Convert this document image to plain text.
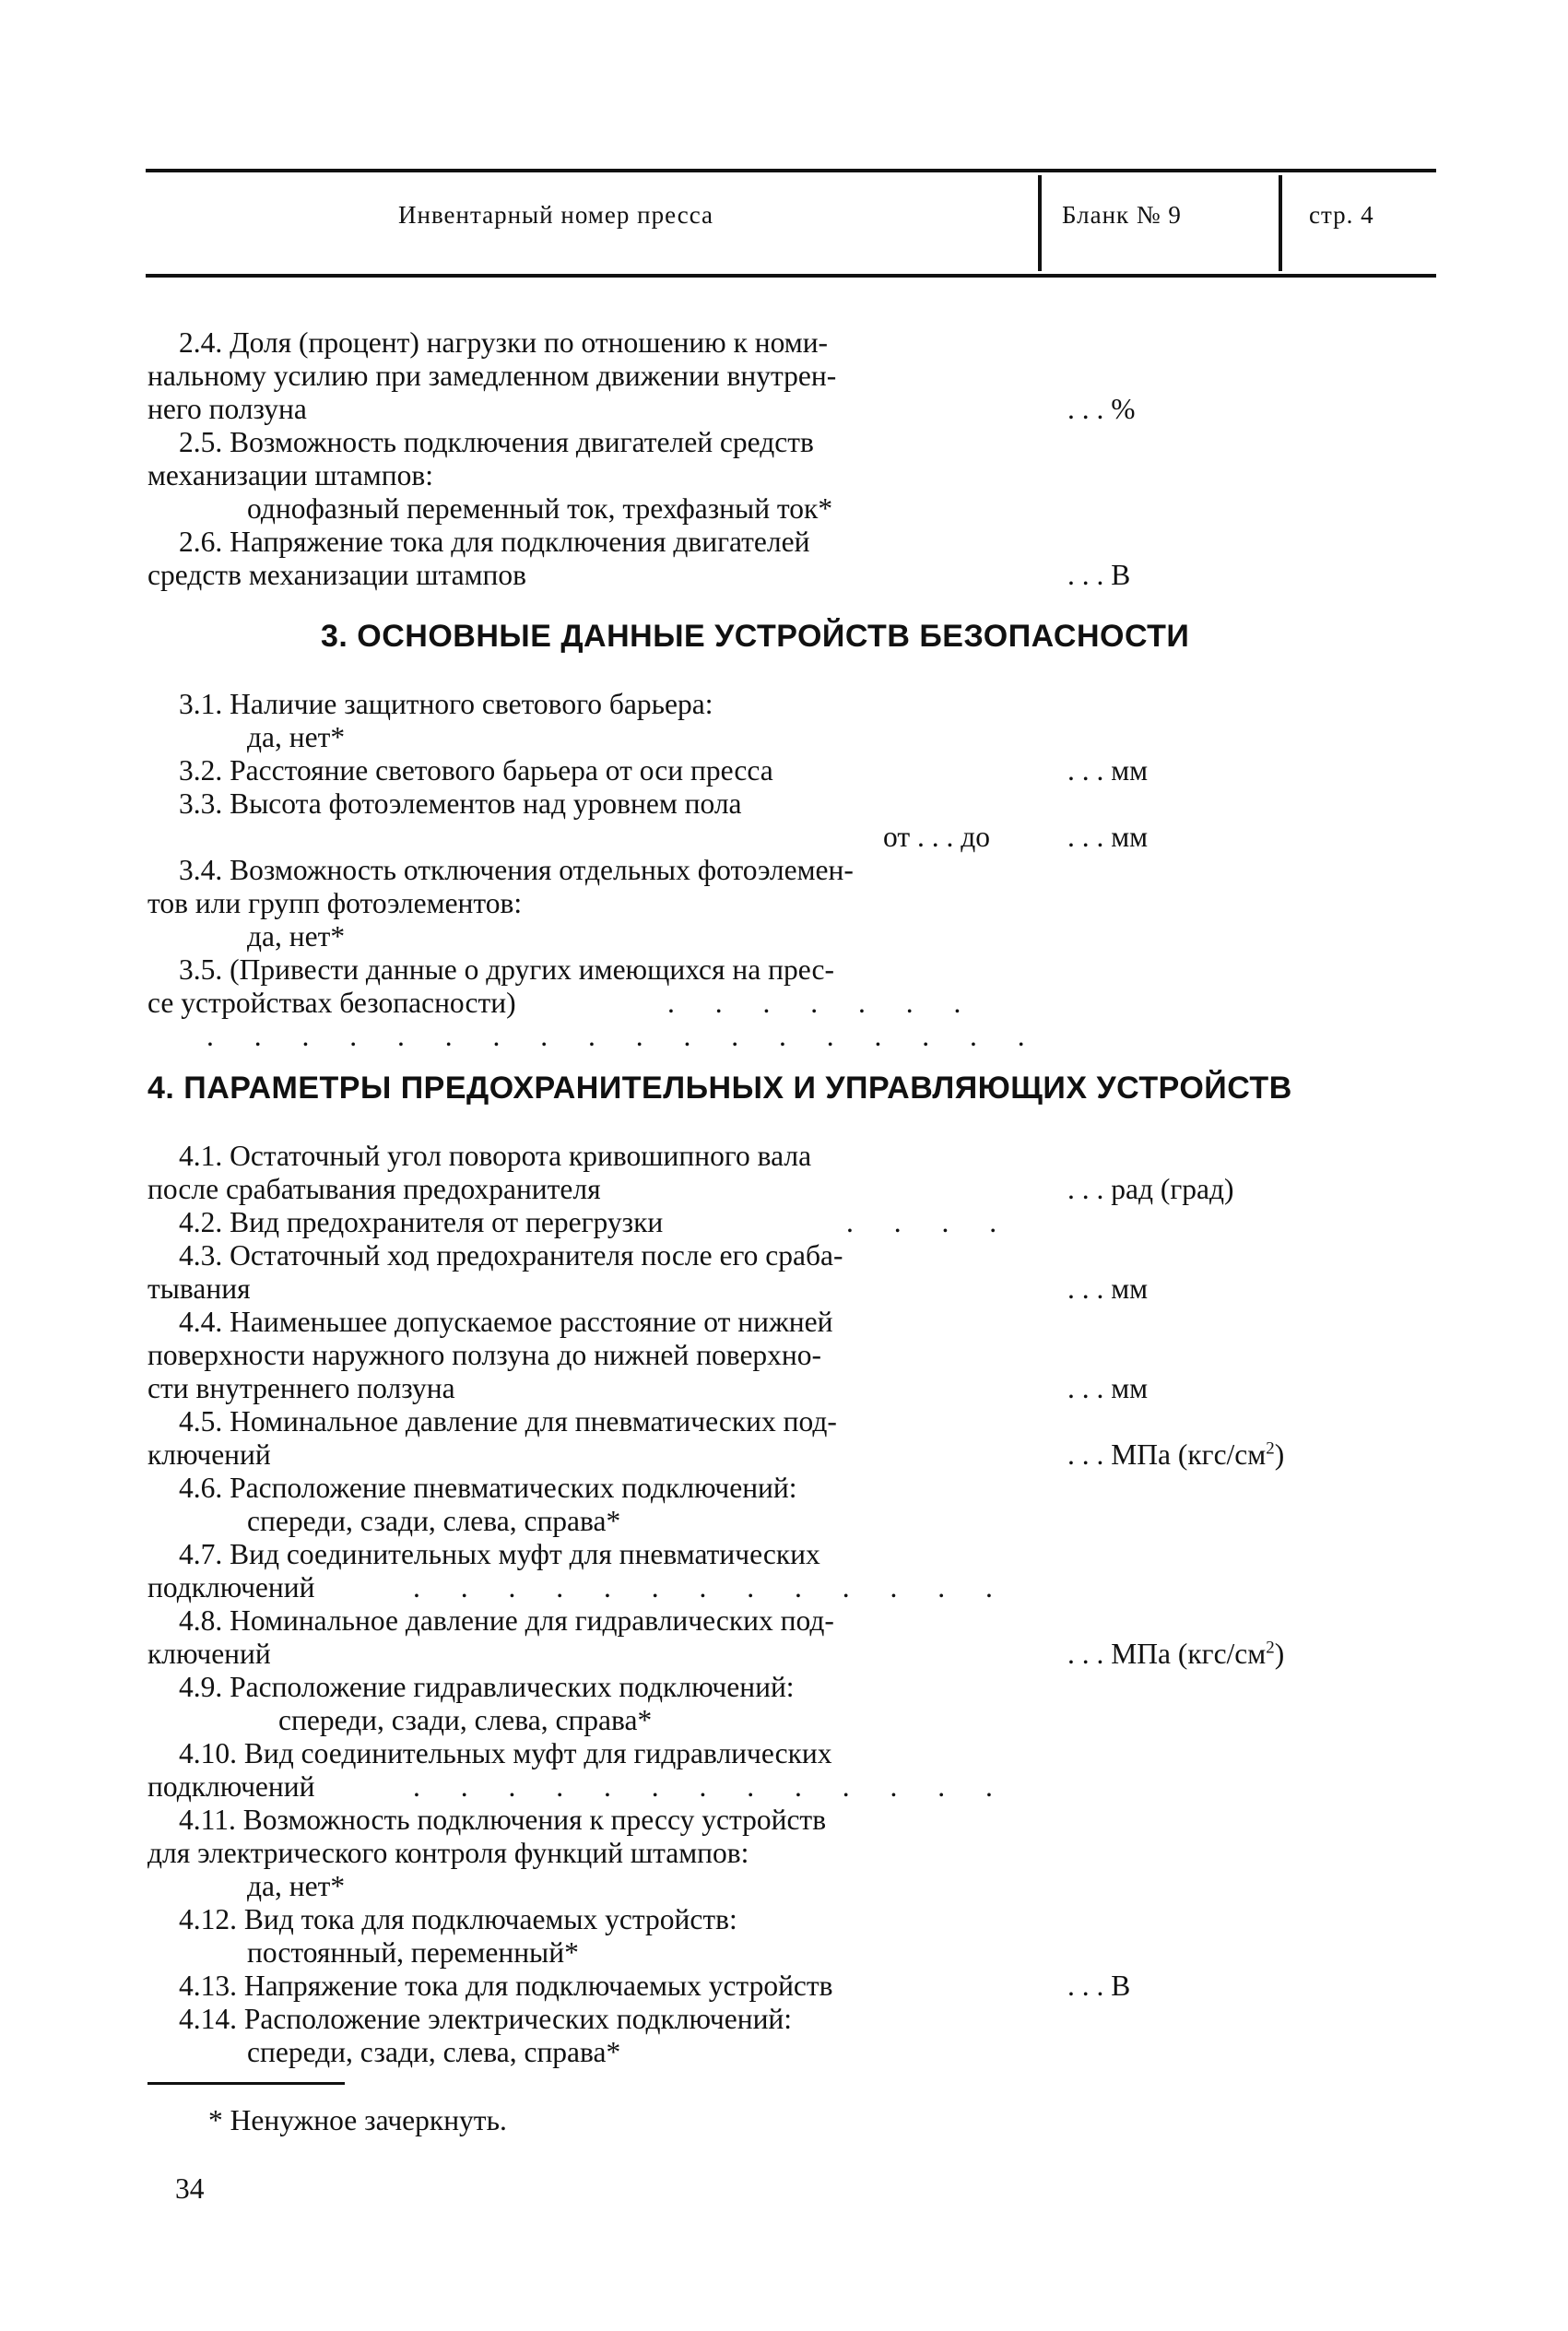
Инвентарный номер пресса	Бланк № 9	стр. 4
2.4. Доля (процент) нагрузки по отношению к номи-
нальному усилию при замедленном движении внутрен-
него ползуна	. . . %
2.5. Возможность подключения двигателей средств
механизации штампов:
однофазный переменный ток, трехфазный ток*
2.6. Напряжение тока для подключения двигателей
средств механизации штампов	. . . В
3. ОСНОВНЫЕ ДАННЫЕ УСТРОЙСТВ БЕЗОПАСНОСТИ
3.1. Наличие защитного светового барьера:
да, нет*
3.2. Расстояние светового барьера от оси пресса	. . . мм
3.3. Высота фотоэлементов над уровнем пола
от . . . до	. . . мм
3.4. Возможность отключения отдельных фотоэлемен-
тов или групп фотоэлементов:
да, нет*
3.5. (Привести данные о других имеющихся на прес-
се устройствах безопасности)	. . . . . . .
. . . . . . . . . . . . . . . . . .
4. ПАРАМЕТРЫ ПРЕДОХРАНИТЕЛЬНЫХ И УПРАВЛЯЮЩИХ УСТРОЙСТВ
4.1. Остаточный угол поворота кривошипного вала
после срабатывания предохранителя	. . . рад (град)
4.2. Вид предохранителя от перегрузки	. . . .
4.3. Остаточный ход предохранителя после его сраба-
тывания	. . . мм
4.4. Наименьшее допускаемое расстояние от нижней
поверхности наружного ползуна до нижней поверхно-
сти внутреннего ползуна	. . . мм
4.5. Номинальное давление для пневматических под-
ключений	. . . МПа $(кгс/см^2)$
4.6. Расположение пневматических подключений:
спереди, сзади, слева, справа*
4.7. Вид соединительных муфт для пневматических
подключений	. . . . . . . . . . . . .
4.8. Номинальное давление для гидравлических под-
ключений	. . . МПа $(кгс/см^2)$
4.9. Расположение гидравлических подключений:
спереди, сзади, слева, справа*
4.10. Вид соединительных муфт для гидравлических
подключений	. . . . . . . . . . . . .
4.11. Возможность подключения к прессу устройств
для электрического контроля функций штампов:
да, нет*
4.12. Вид тока для подключаемых устройств:
постоянный, переменный*
4.13. Напряжение тока для подключаемых устройств	. . . В
4.14. Расположение электрических подключений:
спереди, сзади, слева, справа*
* Ненужное зачеркнуть.
34
